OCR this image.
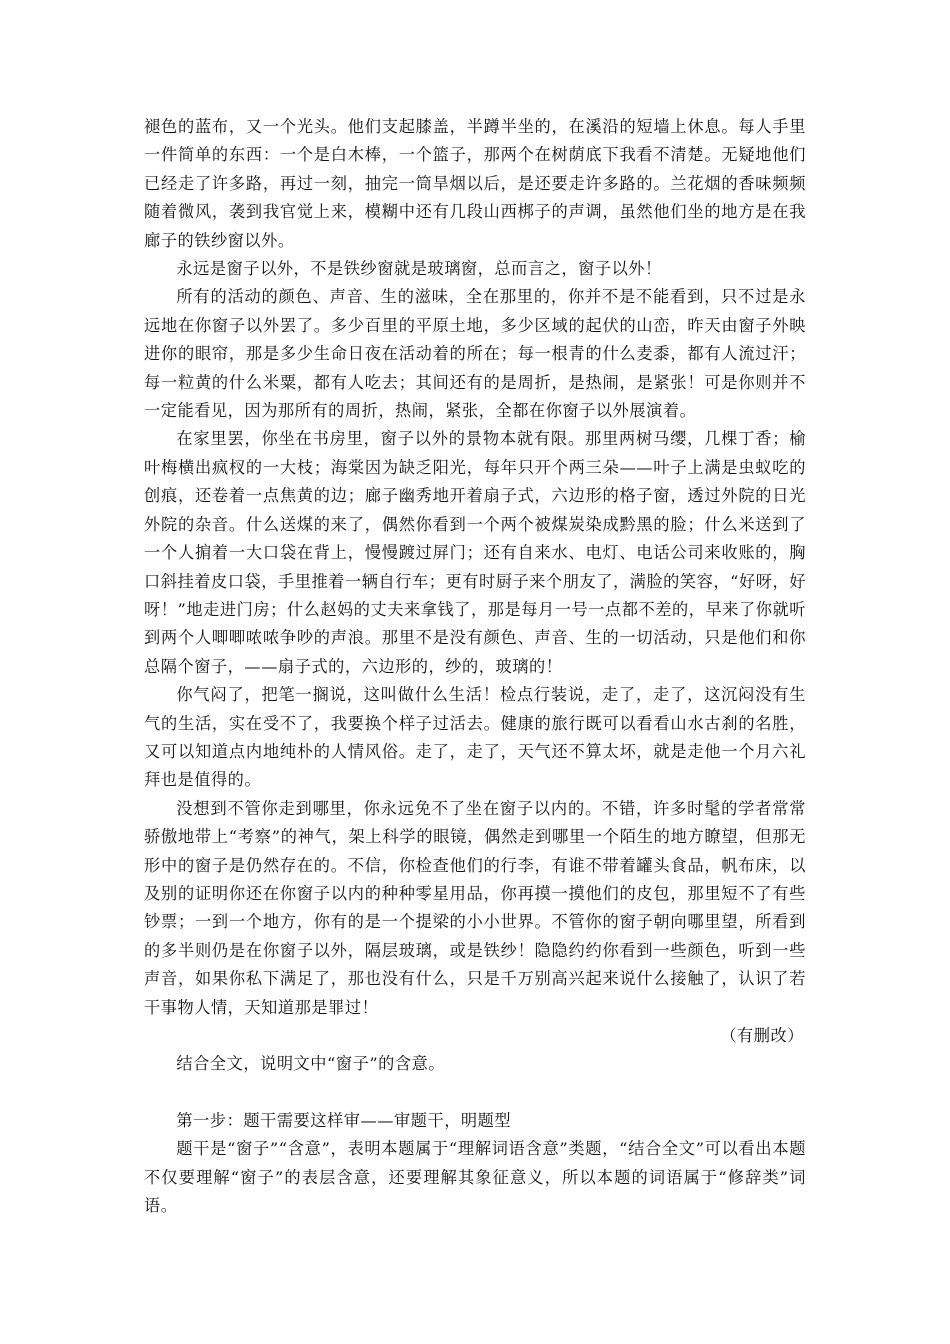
褪色的蓝布，又一个光头。他们支起膝盖，半蹲半坐的，在溪沿的短墙上休息。每人手里一件简单的东西：一个是白木棒，一个篮子，那两个在树荫底下我看不清楚。无疑地他们已经走了许多路，再过一刻，抽完一筒旱烟以后，是还要走许多路的。兰花烟的香味频频随着微风，袭到我官觉上来，模糊中还有几段山西梆子的声调，虽然他们坐的地方是在我廊子的铁纱窗以外。

永远是窗子以外，不是铁纱窗就是玻璃窗，总而言之，窗子以外！

所有的活动的颜色、声音、生的滋味，全在那里的，你并不是不能看到，只不过是永远地在你窗子以外罢了。多少百里的平原土地，多少区域的起伏的山峦，昨天由窗子外映进你的眼帘，那是多少生命日夜在活动着的所在；每一根青的什么麦黍，都有人流过汗；每一粒黄的什么米粟，都有人吃去；其间还有的是周折，是热闹，是紧张！可是你则并不一定能看见，因为那所有的周折，热闹，紧张，全都在你窗子以外展演着。

在家里罢，你坐在书房里，窗子以外的景物本就有限。那里两树马缨，几棵丁香；榆叶梅横出疯杈的一大枝；海棠因为缺乏阳光，每年只开个两三朵——叶子上满是虫蚁吃的创痕，还卷着一点焦黄的边；廊子幽秀地开着扇子式，六边形的格子窗，透过外院的日光外院的杂音。什么送煤的来了，偶然你看到一个两个被煤炭染成黔黑的脸；什么米送到了一个人掮着一大口袋在背上，慢慢踱过屏门；还有自来水、电灯、电话公司来收账的，胸口斜挂着皮口袋，手里推着一辆自行车；更有时厨子来个朋友了，满脸的笑容，“好呀，好呀！”地走进门房；什么赵妈的丈夫来拿钱了，那是每月一号一点都不差的，早来了你就听到两个人唧唧哝哝争吵的声浪。那里不是没有颜色、声音、生的一切活动，只是他们和你总隔个窗子，——扇子式的，六边形的，纱的，玻璃的！

你气闷了，把笔一搁说，这叫做什么生活！检点行装说，走了，走了，这沉闷没有生气的生活，实在受不了，我要换个样子过活去。健康的旅行既可以看看山水古刹的名胜，又可以知道点内地纯朴的人情风俗。走了，走了，天气还不算太坏，就是走他一个月六礼拜也是值得的。

没想到不管你走到哪里，你永远免不了坐在窗子以内的。不错，许多时髦的学者常常骄傲地带上“考察”的神气，架上科学的眼镜，偶然走到哪里一个陌生的地方瞭望，但那无形中的窗子是仍然存在的。不信，你检查他们的行李，有谁不带着罐头食品，帆布床，以及别的证明你还在你窗子以内的种种零星用品，你再摸一摸他们的皮包，那里短不了有些钞票；一到一个地方，你有的是一个提梁的小小世界。不管你的窗子朝向哪里望，所看到的多半则仍是在你窗子以外，隔层玻璃，或是铁纱！隐隐约约你看到一些颜色，听到一些声音，如果你私下满足了，那也没有什么，只是千万别高兴起来说什么接触了，认识了若干事物人情，天知道那是罪过！

（有删改）

结合全文，说明文中“窗子”的含意。

第一步：题干需要这样审——审题干，明题型

题干是“窗子”“含意”，表明本题属于“理解词语含意”类题，“结合全文”可以看出本题不仅要理解“窗子”的表层含意，还要理解其象征意义，所以本题的词语属于“修辞类”词语。
